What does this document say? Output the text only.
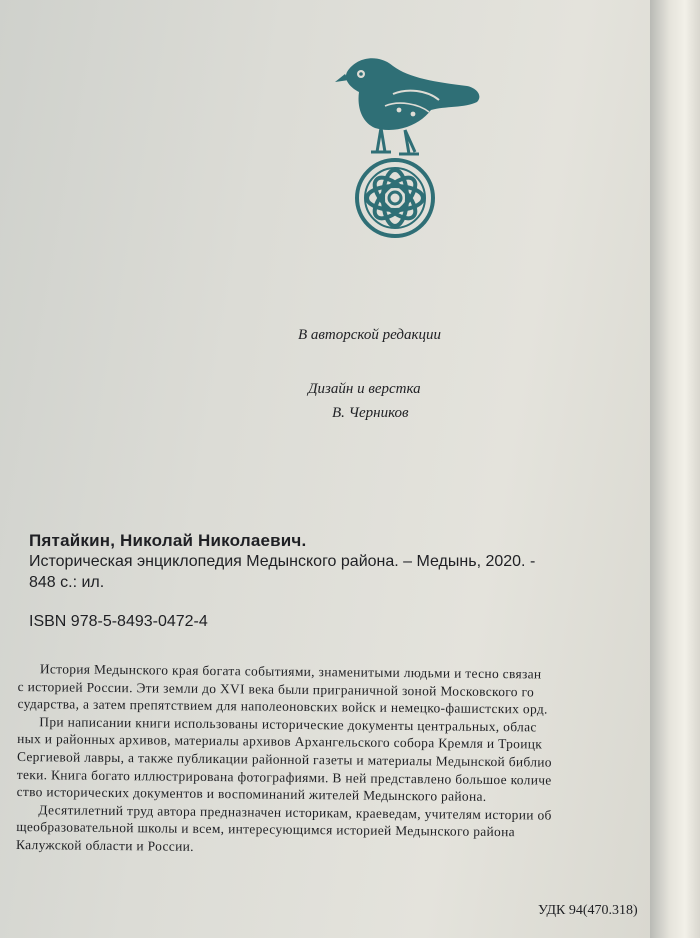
В авторской редакции
Дизайн и верстка
В. Черников
Пятайкин, Николай Николаевич.
Историческая энциклопедия Медынского района. – Медынь, 2020. -
848 с.: ил.
ISBN 978-5-8493-0472-4
История Медынского края богата событиями, знаменитыми людьми и тесно связан
с историей России. Эти земли до XVI века были приграничной зоной Московского го
сударства, а затем препятствием для наполеоновских войск и немецко-фашистских орд.
При написании книги использованы исторические документы центральных, облас
ных и районных архивов, материалы архивов Архангельского собора Кремля и Троицк
Сергиевой лавры, а также публикации районной газеты и материалы Медынской библио
теки. Книга богато иллюстрирована фотографиями. В ней представлено большое количе
ство исторических документов и воспоминаний жителей Медынского района.
Десятилетний труд автора предназначен историкам, краеведам, учителям истории об
щеобразовательной школы и всем, интересующимся историей Медынского района
Калужской области и России.
УДК 94(470.318)
